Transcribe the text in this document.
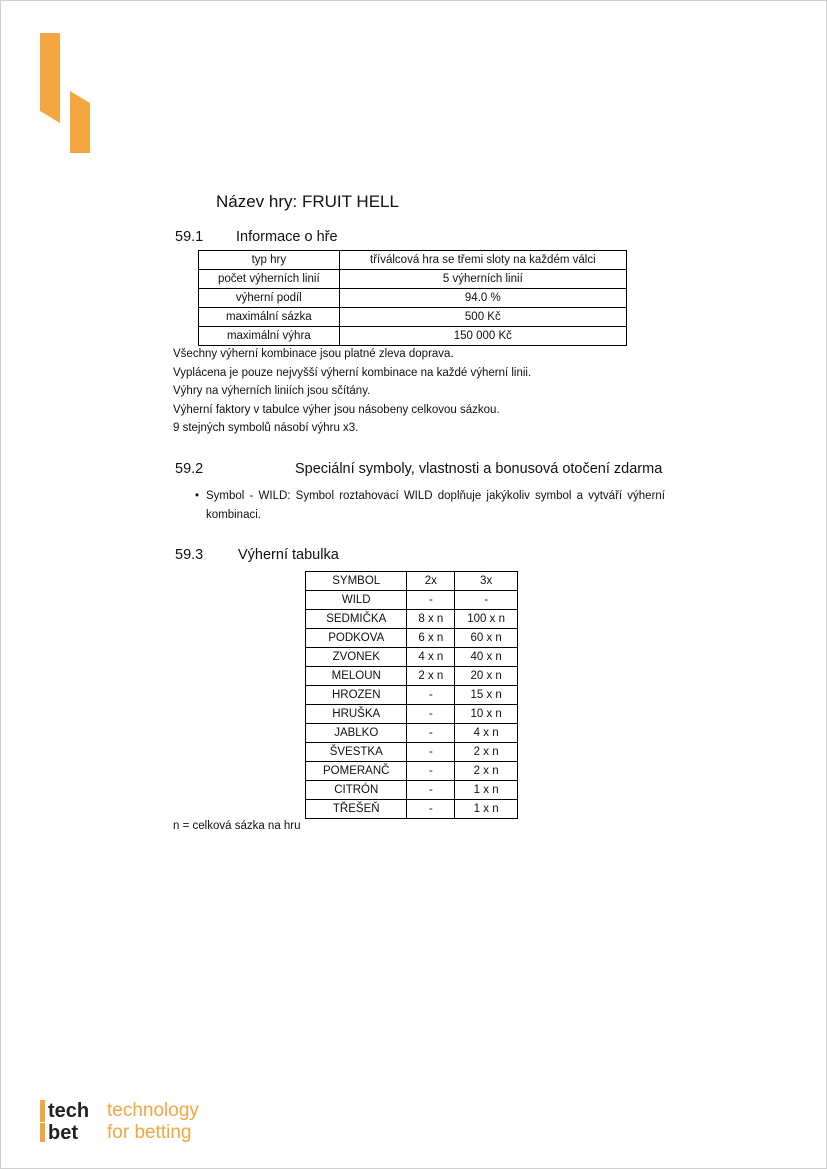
Název hry: FRUIT HELL
59.1 Informace o hře
typ hry	tříválcová hra se třemi sloty na každém válci
počet výherních linií	5 výherních linií
výherní podíl	94.0 %
maximální sázka	500 Kč
maximální výhra	150 000 Kč
Všechny výherní kombinace jsou platné zleva doprava.
Vyplácena je pouze nejvyšší výherní kombinace na každé výherní linii.
Výhry na výherních liniích jsou sčítány.
Výherní faktory v tabulce výher jsou násobeny celkovou sázkou.
9 stejných symbolů násobí výhru x3.
59.2	Speciální symboly, vlastnosti a bonusová otočení zdarma
• Symbol - WILD: Symbol roztahovací WILD doplňuje jakýkoliv symbol a vytváří výherní kombinaci.
59.3 Výherní tabulka
SYMBOL	2x	3x
WILD	-	-
SEDMIČKA	8 x n	100 x n
PODKOVA	6 x n	60 x n
ZVONEK	4 x n	40 x n
MELOUN	2 x n	20 x n
HROZEN	-	15 x n
HRUŠKA	-	10 x n
JABLKO	-	4 x n
ŠVESTKA	-	2 x n
POMERANČ	-	2 x n
CITRÓN	-	1 x n
TŘEŠEŇ	-	1 x n
n = celková sázka na hru
tech
bet
technology
for betting
